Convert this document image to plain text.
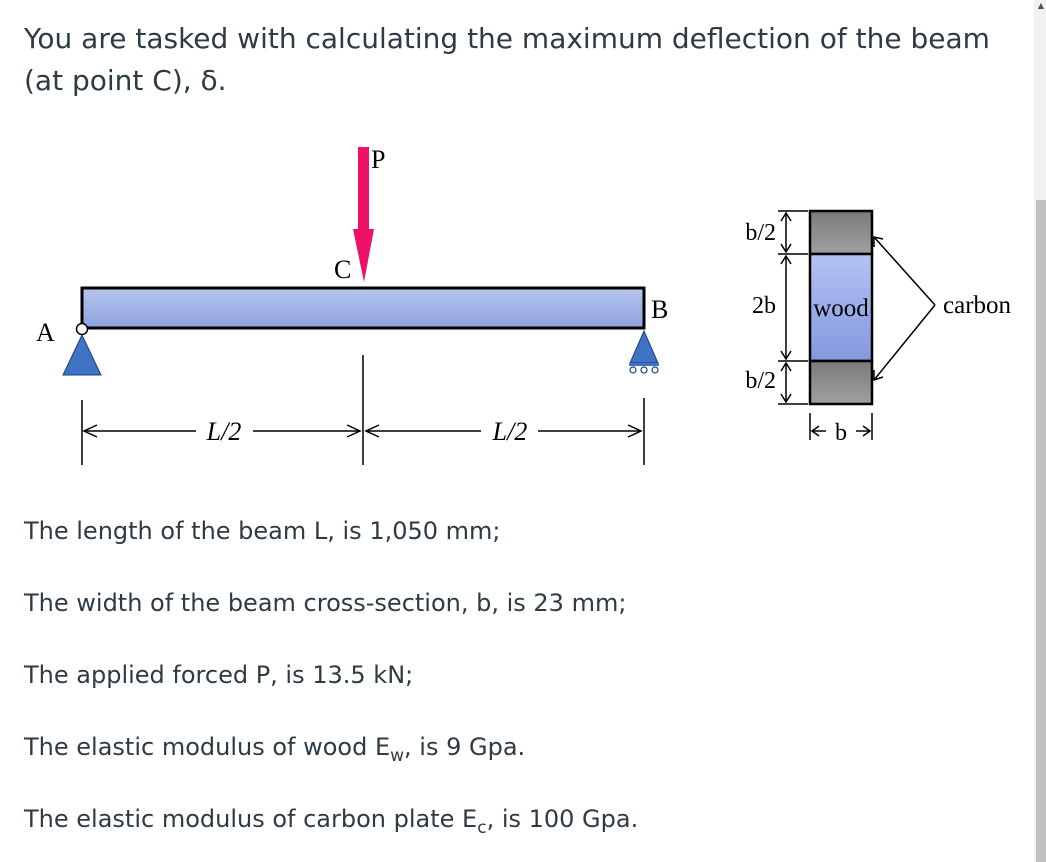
You are tasked with calculating the maximum deflection of the beam (at point C), δ.

P
C
A
B
L/2	L/2
wood	carbon
b/2
2b
b/2
b

The length of the beam L, is 1,050 mm;

The width of the beam cross-section, b, is 23 mm;

The applied forced P, is 13.5 kN;

The elastic modulus of wood $E_w$, is 9 Gpa.

The elastic modulus of carbon plate $E_c$, is 100 Gpa.

▲
